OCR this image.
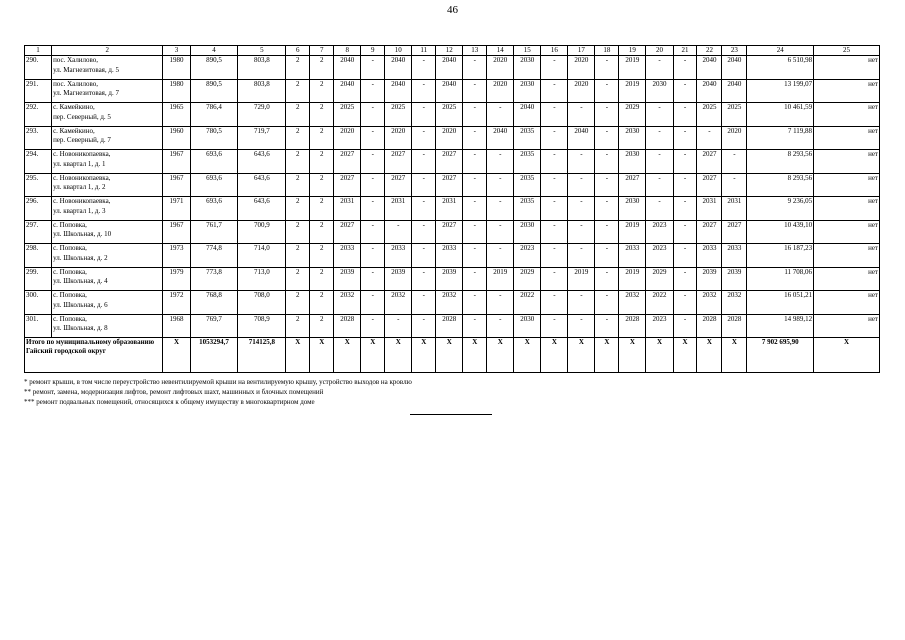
46
1	2	3	4	5	6	7	8	9	10	11	12	13	14	15	16	17	18	19	20	21	22	23	24	25
290.	пос. Халилово,
ул. Магнезитовая, д. 5	1980	890,5	803,8	2	2	2040	-	2040	-	2040	-	2020	2030	-	2020	-	2019	-	-	2040	2040	6 510,98	нет
291.	пос. Халилово,
ул. Магнезитовая, д. 7	1980	890,5	803,8	2	2	2040	-	2040	-	2040	-	2020	2030	-	2020	-	2019	2030	-	2040	2040	13 199,07	нет
292.	с. Камейкино,
пер. Северный, д. 5	1965	786,4	729,0	2	2	2025	-	2025	-	2025	-	-	2040	-	-	-	2029	-	-	2025	2025	10 461,59	нет
293.	с. Камейкино,
пер. Северный, д. 7	1960	780,5	719,7	2	2	2020	-	2020	-	2020	-	2040	2035	-	2040	-	2030	-	-	-	2020	7 119,88	нет
294.	с. Новоникопаевка,
ул. квартал 1, д. 1	1967	693,6	643,6	2	2	2027	-	2027	-	2027	-	-	2035	-	-	-	2030	-	-	2027	-	8 293,56	нет
295.	с. Новоникопаевка,
ул. квартал 1, д. 2	1967	693,6	643,6	2	2	2027	-	2027	-	2027	-	-	2035	-	-	-	2027	-	-	2027	-	8 293,56	нет
296.	с. Новоникопаевка,
ул. квартал 1, д. 3	1971	693,6	643,6	2	2	2031	-	2031	-	2031	-	-	2035	-	-	-	2030	-	-	2031	2031	9 236,05	нет
297.	с. Поповка,
ул. Школьная, д. 10	1967	761,7	700,9	2	2	2027	-	-	-	2027	-	-	2030	-	-	-	2019	2023	-	2027	2027	10 439,10	нет
298.	с. Поповка,
ул. Школьная, д. 2	1973	774,8	714,0	2	2	2033	-	2033	-	2033	-	-	2023	-	-	-	2033	2023	-	2033	2033	16 187,23	нет
299.	с. Поповка,
ул. Школьная, д. 4	1979	773,8	713,0	2	2	2039	-	2039	-	2039	-	2019	2029	-	2019	-	2019	2029	-	2039	2039	11 708,06	нет
300.	с. Поповка,
ул. Школьная, д. 6	1972	768,8	708,0	2	2	2032	-	2032	-	2032	-	-	2022	-	-	-	2032	2022	-	2032	2032	16 051,21	нет
301.	с. Поповка,
ул. Школьная, д. 8	1968	769,7	708,9	2	2	2028	-	-	-	2028	-	-	2030	-	-	-	2028	2023	-	2028	2028	14 989,12	нет
Итого по муниципальному образованию Гайский городской округ		X	1053294,7	714125,8	X	X	X	X	X	X	X	X	X	X	X	X	X	X	X	X	X	X	7 902 695,90	X
* ремонт крыши, в том числе переустройство невентилируемой крыши на вентилируемую крышу, устройство выходов на кровлю
** ремонт, замена, модернизация лифтов, ремонт лифтовых шахт, машинных и блочных помещений
*** ремонт подвальных помещений, относящихся к общему имуществу в многоквартирном доме
